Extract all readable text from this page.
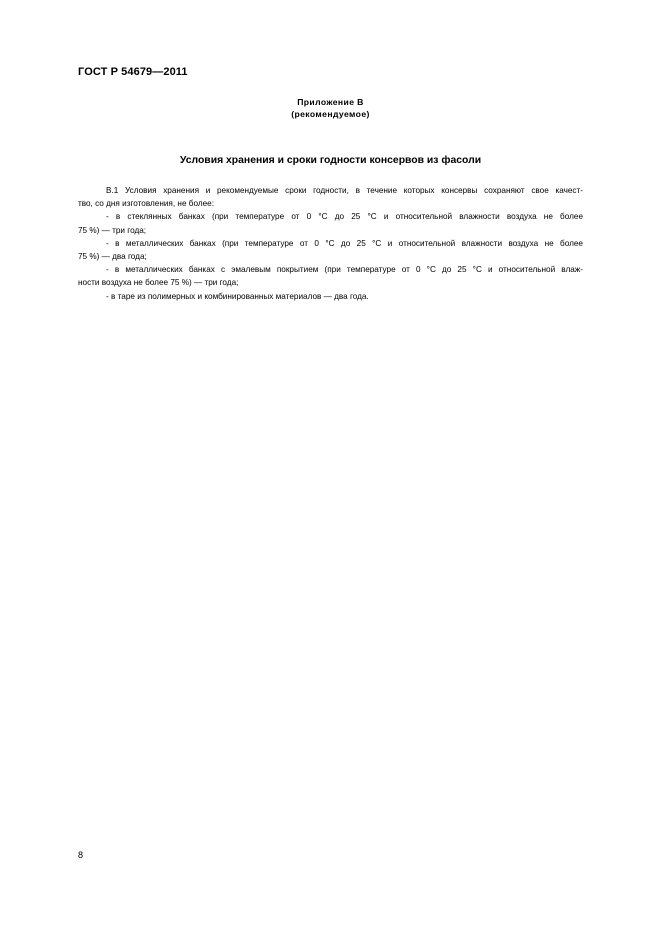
ГОСТ Р 54679—2011
Приложение В
(рекомендуемое)
Условия хранения и сроки годности консервов из фасоли
В.1 Условия хранения и рекомендуемые сроки годности, в течение которых консервы сохраняют свое качест-
тво, со дня изготовления, не более:
- в стеклянных банках (при температуре от 0 °С до 25 °С и относительной влажности воздуха не более
75 %) — три года;
- в металлических банках (при температуре от 0 °С до 25 °С и относительной влажности воздуха не более
75 %) — два года;
- в металлических банках с эмалевым покрытием (при температуре от 0 °С до 25 °С и относительной влаж-
ности воздуха не более 75 %) — три года;
- в таре из полимерных и комбинированных материалов — два года.
8
